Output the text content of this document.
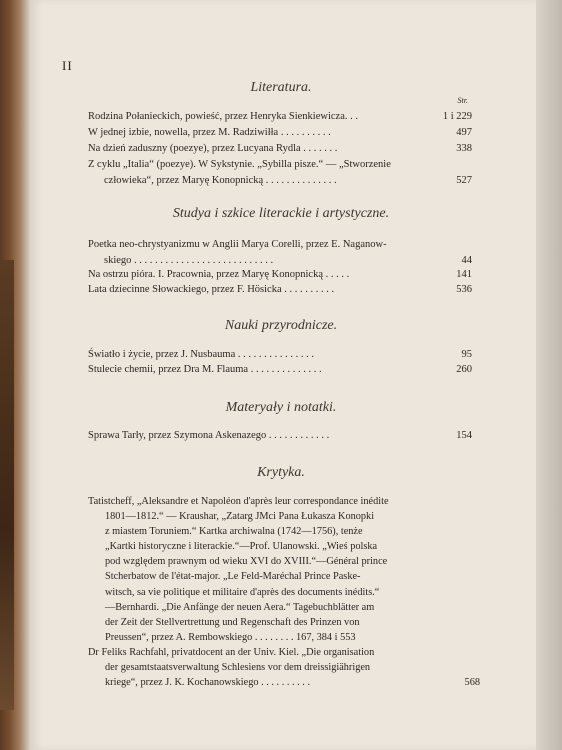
II
Literatura.
Str.
Rodzina Połanieckich, powieść, przez Henryka Sienkiewicza. . .	1 i 229
W jednej izbie, nowella, przez M. Radziwiłła . . . . . . . . . .	497
Na dzień zaduszny (poezye), przez Lucyana Rydla . . . . . . .	338
Z cyklu „Italia“ (poezye). W Sykstynie. „Sybilla pisze.“ — „Stworzenie
człowieka“, przez Maryę Konopnicką . . . . . . . . . . . . . .	527
Studya i szkice literackie i artystyczne.
Poetka neo-chrystyanizmu w Anglii Marya Corelli, przez E. Naganow-
skiego . . . . . . . . . . . . . . . . . . . . . . . . . . .	44
Na ostrzu pióra. I. Pracownia, przez Maryę Konopnicką . . . . .	141
Lata dziecinne Słowackiego, przez F. Hösicka . . . . . . . . . .	536
Nauki przyrodnicze.
Światło i życie, przez J. Nusbauma . . . . . . . . . . . . . . .	95
Stulecie chemii, przez Dra M. Flauma . . . . . . . . . . . . . .	260
Materyały i notatki.
Sprawa Tarły, przez Szymona Askenazego . . . . . . . . . . . .	154
Krytyka.
Tatistcheff, „Aleksandre et Napoléon d'après leur correspondance inédite
1801—1812.“ — Kraushar, „Zatarg JMci Pana Łukasza Konopki
z miastem Toruniem.“ Kartka archiwalna (1742—1756), tenże
„Kartki historyczne i literackie.“—Prof. Ulanowski. „Wieś polska
pod względem prawnym od wieku XVI do XVIII.“—Général prince
Stcherbatow de l'état-major. „Le Feld-Maréchal Prince Paske-
witsch, sa vie politique et militaire d'après des documents inédits.“
—Bernhardi. „Die Anfänge der neuen Aera.“ Tagebuchblätter am
der Zeit der Stellvertrettung und Regenschaft des Prinzen von
Preussen“, przez A. Rembowskiego . . . . . . . . 167, 384 i 553
Dr Feliks Rachfahl, privatdocent an der Univ. Kiel. „Die organisation
der gesamtstaatsverwaltung Schlesiens vor dem dreissigiährigen
kriege“, przez J. K. Kochanowskiego . . . . . . . . . .	568
